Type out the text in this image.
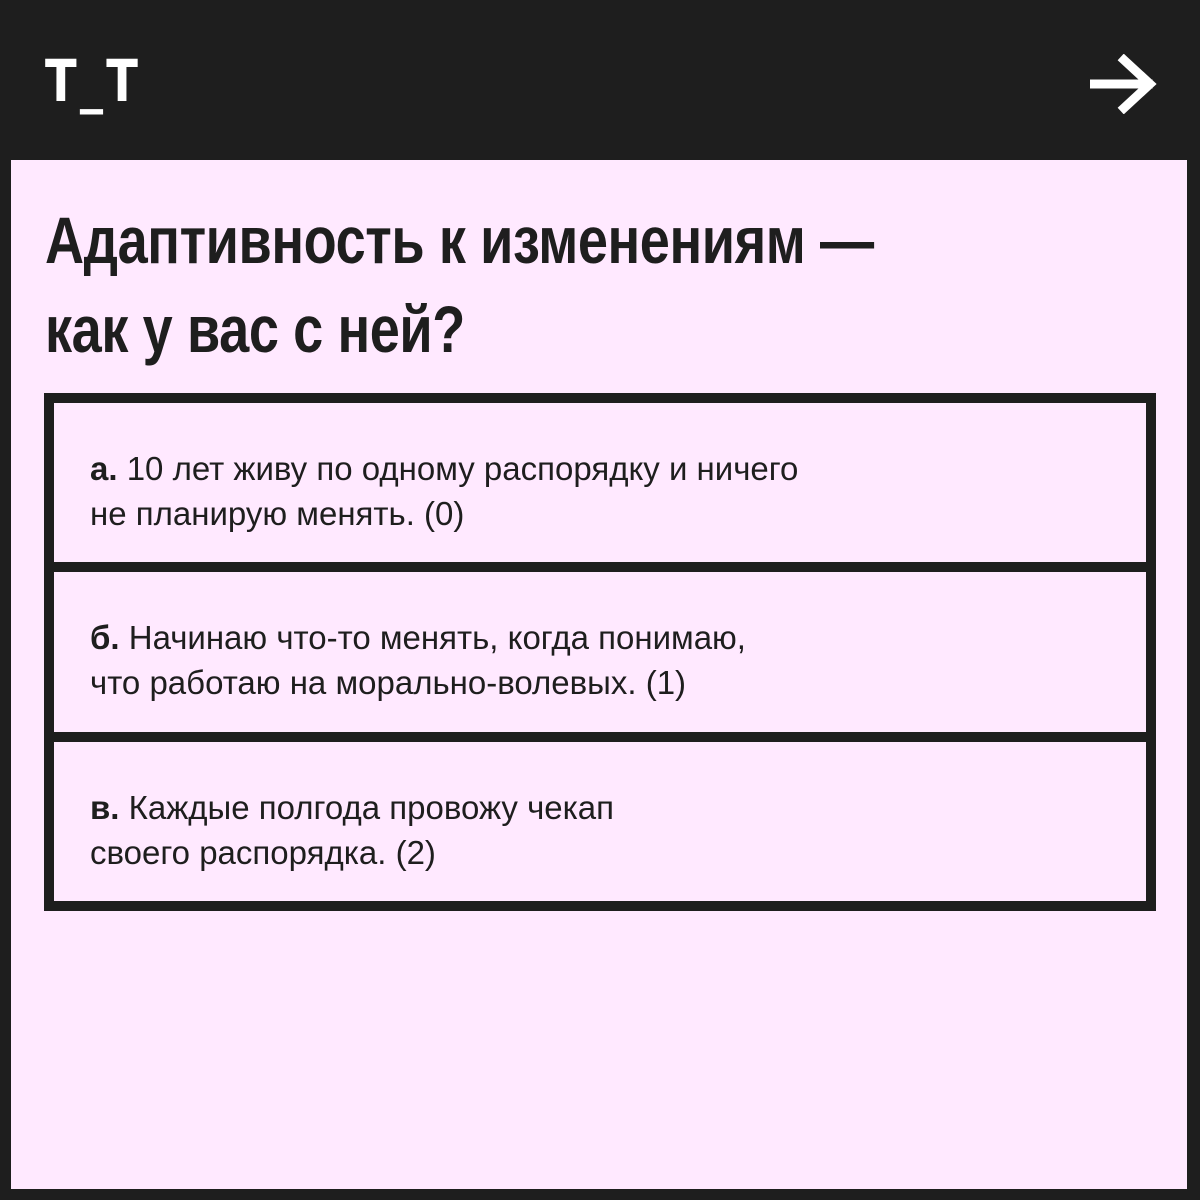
Т_Т
Адаптивность к изменениям —
как у вас с ней?
а. 10 лет живу по одному распорядку и ничего
не планирую менять. (0)
б. Начинаю что-то менять, когда понимаю,
что работаю на морально-волевых. (1)
в. Каждые полгода провожу чекап
своего распорядка. (2)
